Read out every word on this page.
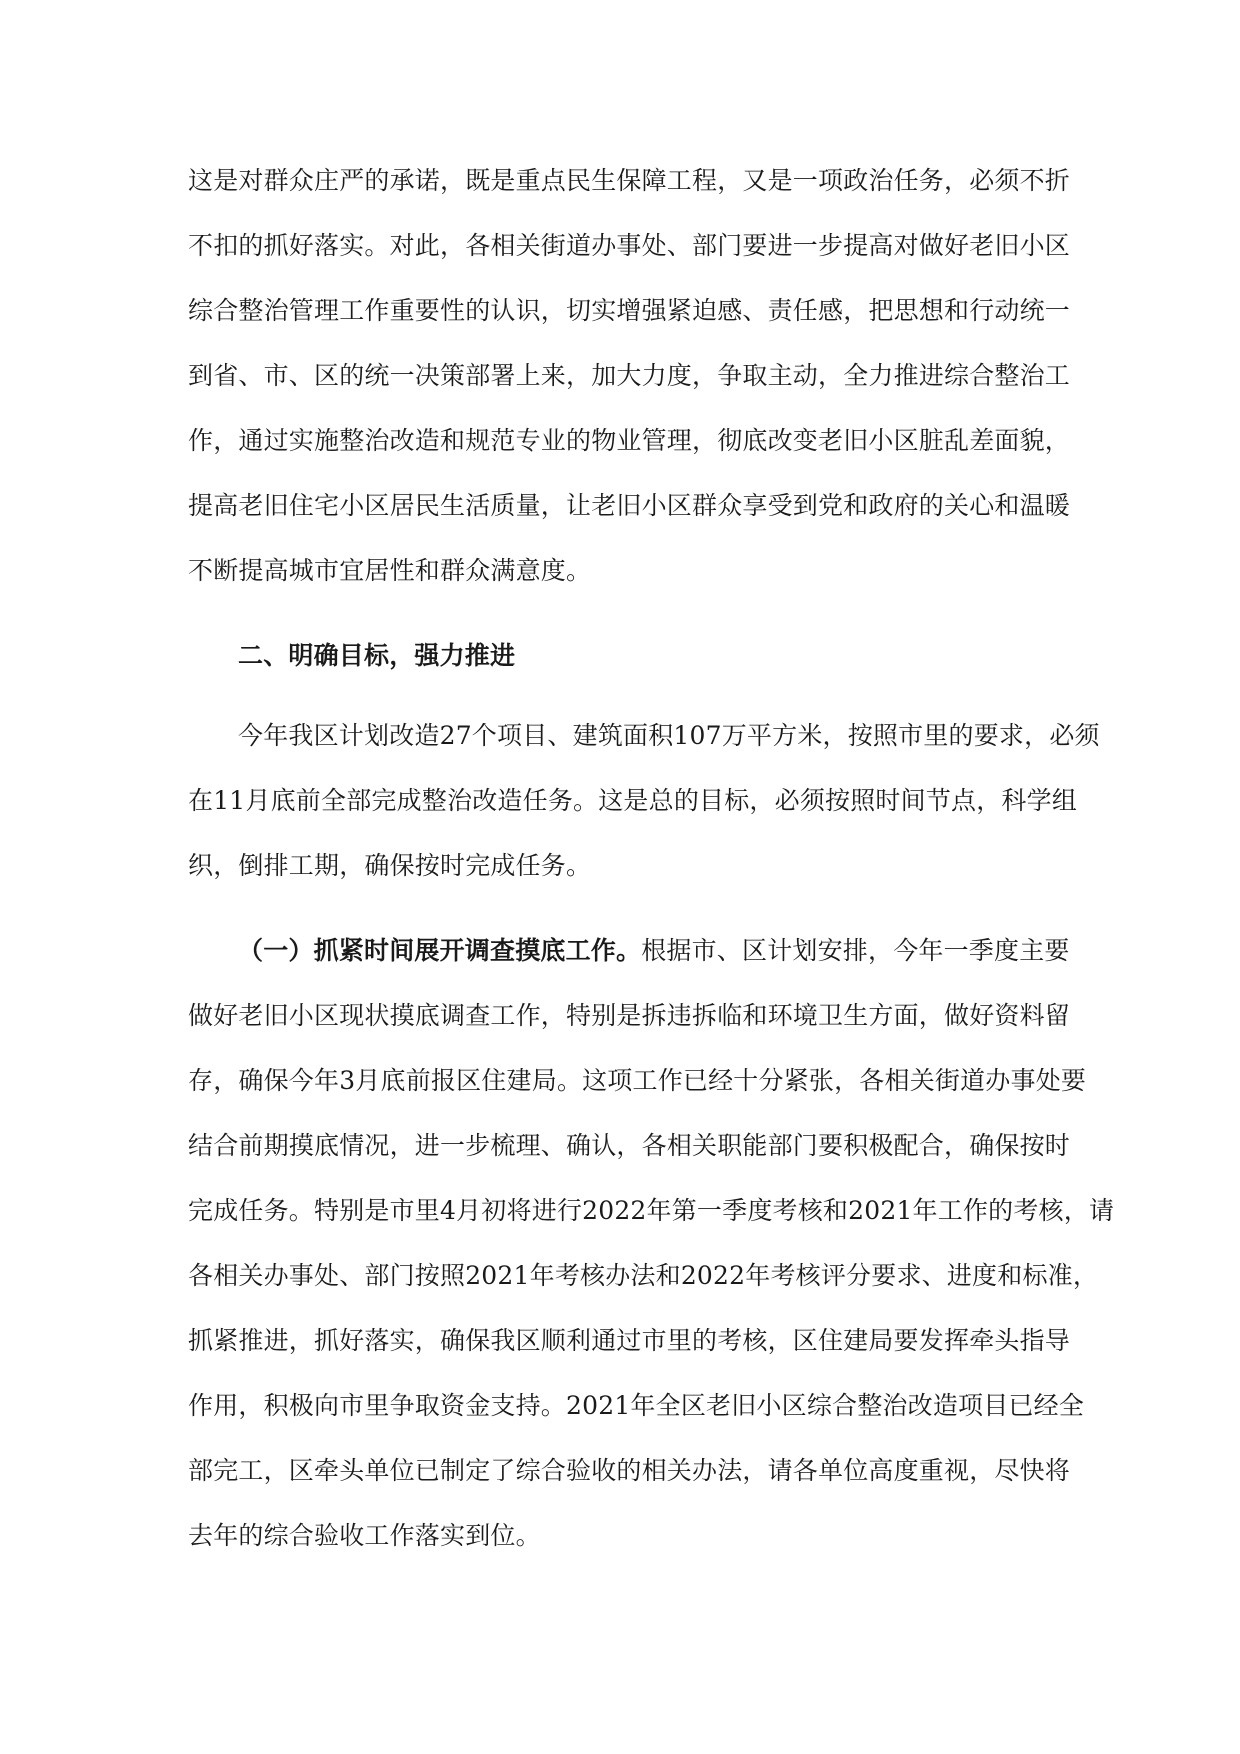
这是对群众庄严的承诺，既是重点民生保障工程，又是一项政治任务，必须不折
不扣的抓好落实。对此，各相关街道办事处、部门要进一步提高对做好老旧小区
综合整治管理工作重要性的认识，切实增强紧迫感、责任感，把思想和行动统一
到省、市、区的统一决策部署上来，加大力度，争取主动，全力推进综合整治工
作，通过实施整治改造和规范专业的物业管理，彻底改变老旧小区脏乱差面貌，
提高老旧住宅小区居民生活质量，让老旧小区群众享受到党和政府的关心和温暖
不断提高城市宜居性和群众满意度。
二、明确目标，强力推进
今年我区计划改造27个项目、建筑面积107万平方米，按照市里的要求，必须
在11月底前全部完成整治改造任务。这是总的目标，必须按照时间节点，科学组
织，倒排工期，确保按时完成任务。
（一）抓紧时间展开调查摸底工作。根据市、区计划安排，今年一季度主要
做好老旧小区现状摸底调查工作，特别是拆违拆临和环境卫生方面，做好资料留
存，确保今年3月底前报区住建局。这项工作已经十分紧张，各相关街道办事处要
结合前期摸底情况，进一步梳理、确认，各相关职能部门要积极配合，确保按时
完成任务。特别是市里4月初将进行2022年第一季度考核和2021年工作的考核，请
各相关办事处、部门按照2021年考核办法和2022年考核评分要求、进度和标准，
抓紧推进，抓好落实，确保我区顺利通过市里的考核，区住建局要发挥牵头指导
作用，积极向市里争取资金支持。2021年全区老旧小区综合整治改造项目已经全
部完工，区牵头单位已制定了综合验收的相关办法，请各单位高度重视，尽快将
去年的综合验收工作落实到位。
